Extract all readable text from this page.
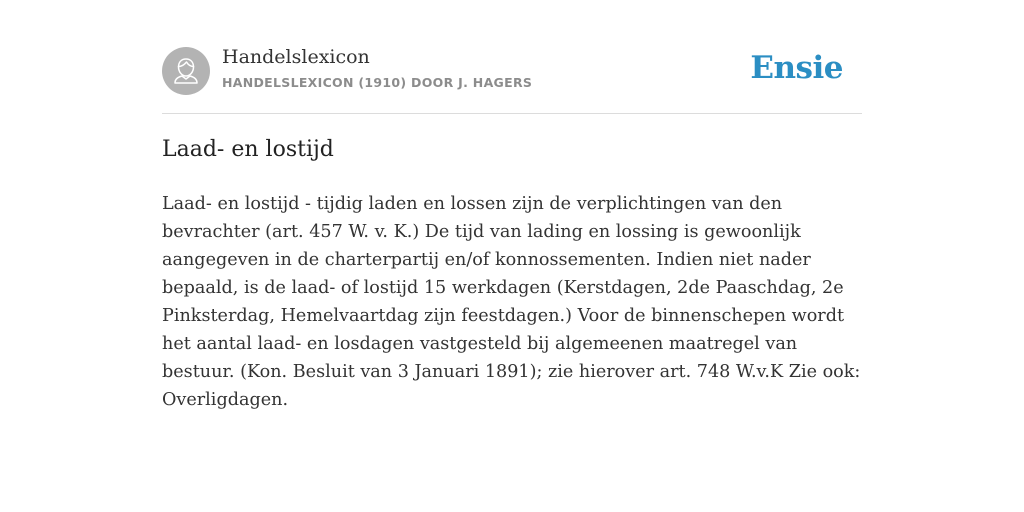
Handelslexicon
HANDELSLEXICON (1910) DOOR J. HAGERS	Ensie
Laad- en lostijd

Laad- en lostijd - tijdig laden en lossen zijn de verplichtingen van den bevrachter (art. 457 W. v. K.) De tijd van lading en lossing is gewoonlijk aangegeven in de charterpartij en/of konnossementen. Indien niet nader bepaald, is de laad- of lostijd 15 werkdagen (Kerstdagen, 2de Paaschdag, 2e Pinksterdag, Hemelvaartdag zijn feestdagen.) Voor de binnenschepen wordt het aantal laad- en losdagen vastgesteld bij algemeenen maatregel van bestuur. (Kon. Besluit van 3 Januari 1891); zie hierover art. 748 W.v.K Zie ook: Overligdagen.
